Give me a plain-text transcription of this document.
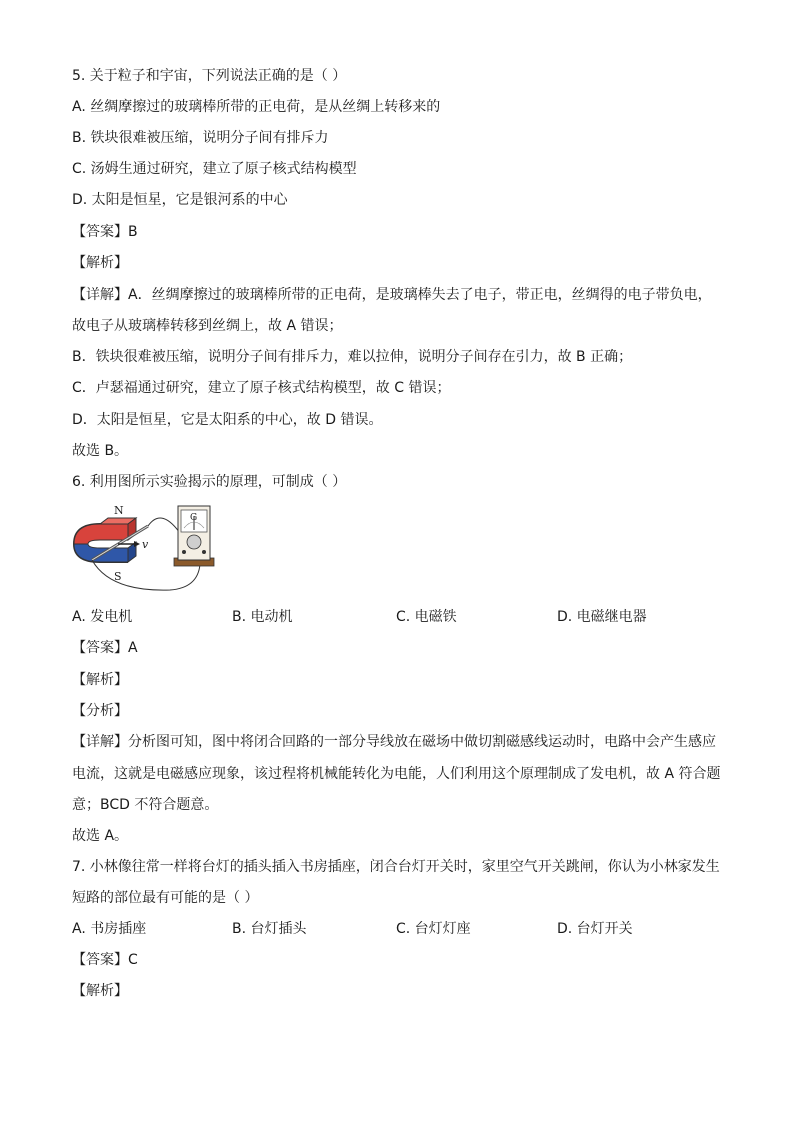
5. 关于粒子和宇宙，下列说法正确的是（ ）
A. 丝绸摩擦过的玻璃棒所带的正电荷，是从丝绸上转移来的
B. 铁块很难被压缩，说明分子间有排斥力
C. 汤姆生通过研究，建立了原子核式结构模型
D. 太阳是恒星，它是银河系的中心
【答案】B
【解析】
【详解】A．丝绸摩擦过的玻璃棒所带的正电荷，是玻璃棒失去了电子，带正电，丝绸得的电子带负电，
故电子从玻璃棒转移到丝绸上，故 A 错误；
B．铁块很难被压缩，说明分子间有排斥力，难以拉伸，说明分子间存在引力，故 B 正确；
C．卢瑟福通过研究，建立了原子核式结构模型，故 C 错误；
D．太阳是恒星，它是太阳系的中心，故 D 错误。
故选 B。
6. 利用图所示实验揭示的原理，可制成（ ）
v
N
S
G
A. 发电机	B. 电动机	C. 电磁铁	D. 电磁继电器
【答案】A
【解析】
【分析】
【详解】分析图可知，图中将闭合回路的一部分导线放在磁场中做切割磁感线运动时，电路中会产生感应
电流，这就是电磁感应现象，该过程将机械能转化为电能，人们利用这个原理制成了发电机，故 A 符合题
意；BCD 不符合题意。
故选 A。
7. 小林像往常一样将台灯的插头插入书房插座，闭合台灯开关时，家里空气开关跳闸，你认为小林家发生
短路的部位最有可能的是（ ）
A. 书房插座	B. 台灯插头	C. 台灯灯座	D. 台灯开关
【答案】C
【解析】
